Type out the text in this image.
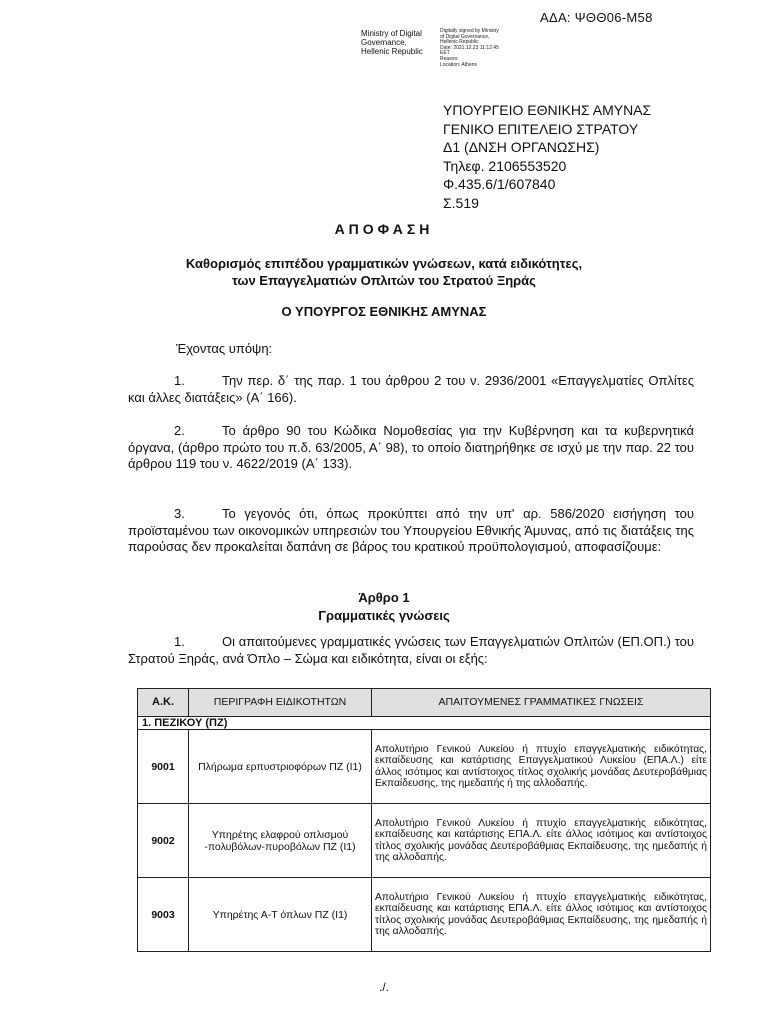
ΑΔΑ: ΨΘΘ06-Μ58
Ministry of Digital
Governance,
Hellenic Republic
Digitally signed by Ministry
of Digital Governance,
Hellenic Republic
Date: 2021.12.23 11:12:45
EET
Reason:
Location: Athens
ΥΠΟΥΡΓΕΙΟ ΕΘΝΙΚΗΣ ΑΜΥΝΑΣ
ΓΕΝΙΚΟ ΕΠΙΤΕΛΕΙΟ ΣΤΡΑΤΟΥ
Δ1 (ΔΝΣΗ ΟΡΓΑΝΩΣΗΣ)
Τηλεφ. 2106553520
Φ.435.6/1/607840
Σ.519
ΑΠΟΦΑΣΗ
Καθορισμός επιπέδου γραμματικών γνώσεων, κατά ειδικότητες,
των Επαγγελματιών Οπλιτών του Στρατού Ξηράς
Ο ΥΠΟΥΡΓΟΣ ΕΘΝΙΚΗΣ ΑΜΥΝΑΣ
Έχοντας υπόψη:
1.	Την περ. δ΄ της παρ. 1 του άρθρου 2 του ν. 2936/2001 «Επαγγελματίες Οπλίτες και άλλες διατάξεις» (Α΄ 166).
2.	Το άρθρο 90 του Κώδικα Νομοθεσίας για την Κυβέρνηση και τα κυβερνητικά όργανα, (άρθρο πρώτο του π.δ. 63/2005, Α΄ 98), το οποίο διατηρήθηκε σε ισχύ με την παρ. 22 του άρθρου 119 του ν. 4622/2019 (Α΄ 133).
3.	Το γεγονός ότι, όπως προκύπτει από την υπ' αρ. 586/2020 εισήγηση του προϊσταμένου των οικονομικών υπηρεσιών του Υπουργείου Εθνικής Άμυνας, από τις διατάξεις της παρούσας δεν προκαλείται δαπάνη σε βάρος του κρατικού προϋπολογισμού, αποφασίζουμε:
Άρθρο 1
Γραμματικές γνώσεις
1.	Οι απαιτούμενες γραμματικές γνώσεις των Επαγγελματιών Οπλιτών (ΕΠ.ΟΠ.) του Στρατού Ξηράς, ανά Όπλο – Σώμα και ειδικότητα, είναι οι εξής:
Α.Κ.	ΠΕΡΙΓΡΑΦΗ ΕΙΔΙΚΟΤΗΤΩΝ	ΑΠΑΙΤΟΥΜΕΝΕΣ ΓΡΑΜΜΑΤΙΚΕΣ ΓΝΩΣΕΙΣ
1. ΠΕΖΙΚΟΥ (ΠΖ)		
9001	Πλήρωμα ερπυστριοφόρων ΠΖ (Ι1)	Απολυτήριο Γενικού Λυκείου ή πτυχίο επαγγελματικής ειδικότητας, εκπαίδευσης και κατάρτισης Επαγγελματικού Λυκείου (ΕΠΑ.Λ.) είτε άλλος ισότιμος και αντίστοιχος τίτλος σχολικής μονάδας Δευτεροβάθμιας Εκπαίδευσης, της ημεδαπής ή της αλλοδαπής.
9002	Υπηρέτης ελαφρού οπλισμού -πολυβόλων-πυροβόλων ΠΖ (Ι1)	Απολυτήριο Γενικού Λυκείου ή πτυχίο επαγγελματικής ειδικότητας, εκπαίδευσης και κατάρτισης ΕΠΑ.Λ. είτε άλλος ισότιμος και αντίστοιχος τίτλος σχολικής μονάδας Δευτεροβάθμιας Εκπαίδευσης, της ημεδαπής ή της αλλοδαπής.
9003	Υπηρέτης Α-Τ όπλων ΠΖ (Ι1)	Απολυτήριο Γενικού Λυκείου ή πτυχίο επαγγελματικής ειδικότητας, εκπαίδευσης και κατάρτισης ΕΠΑ.Λ. είτε άλλος ισότιμος και αντίστοιχος τίτλος σχολικής μονάδας Δευτεροβάθμιας Εκπαίδευσης, της ημεδαπής ή της αλλοδαπής.
./.
